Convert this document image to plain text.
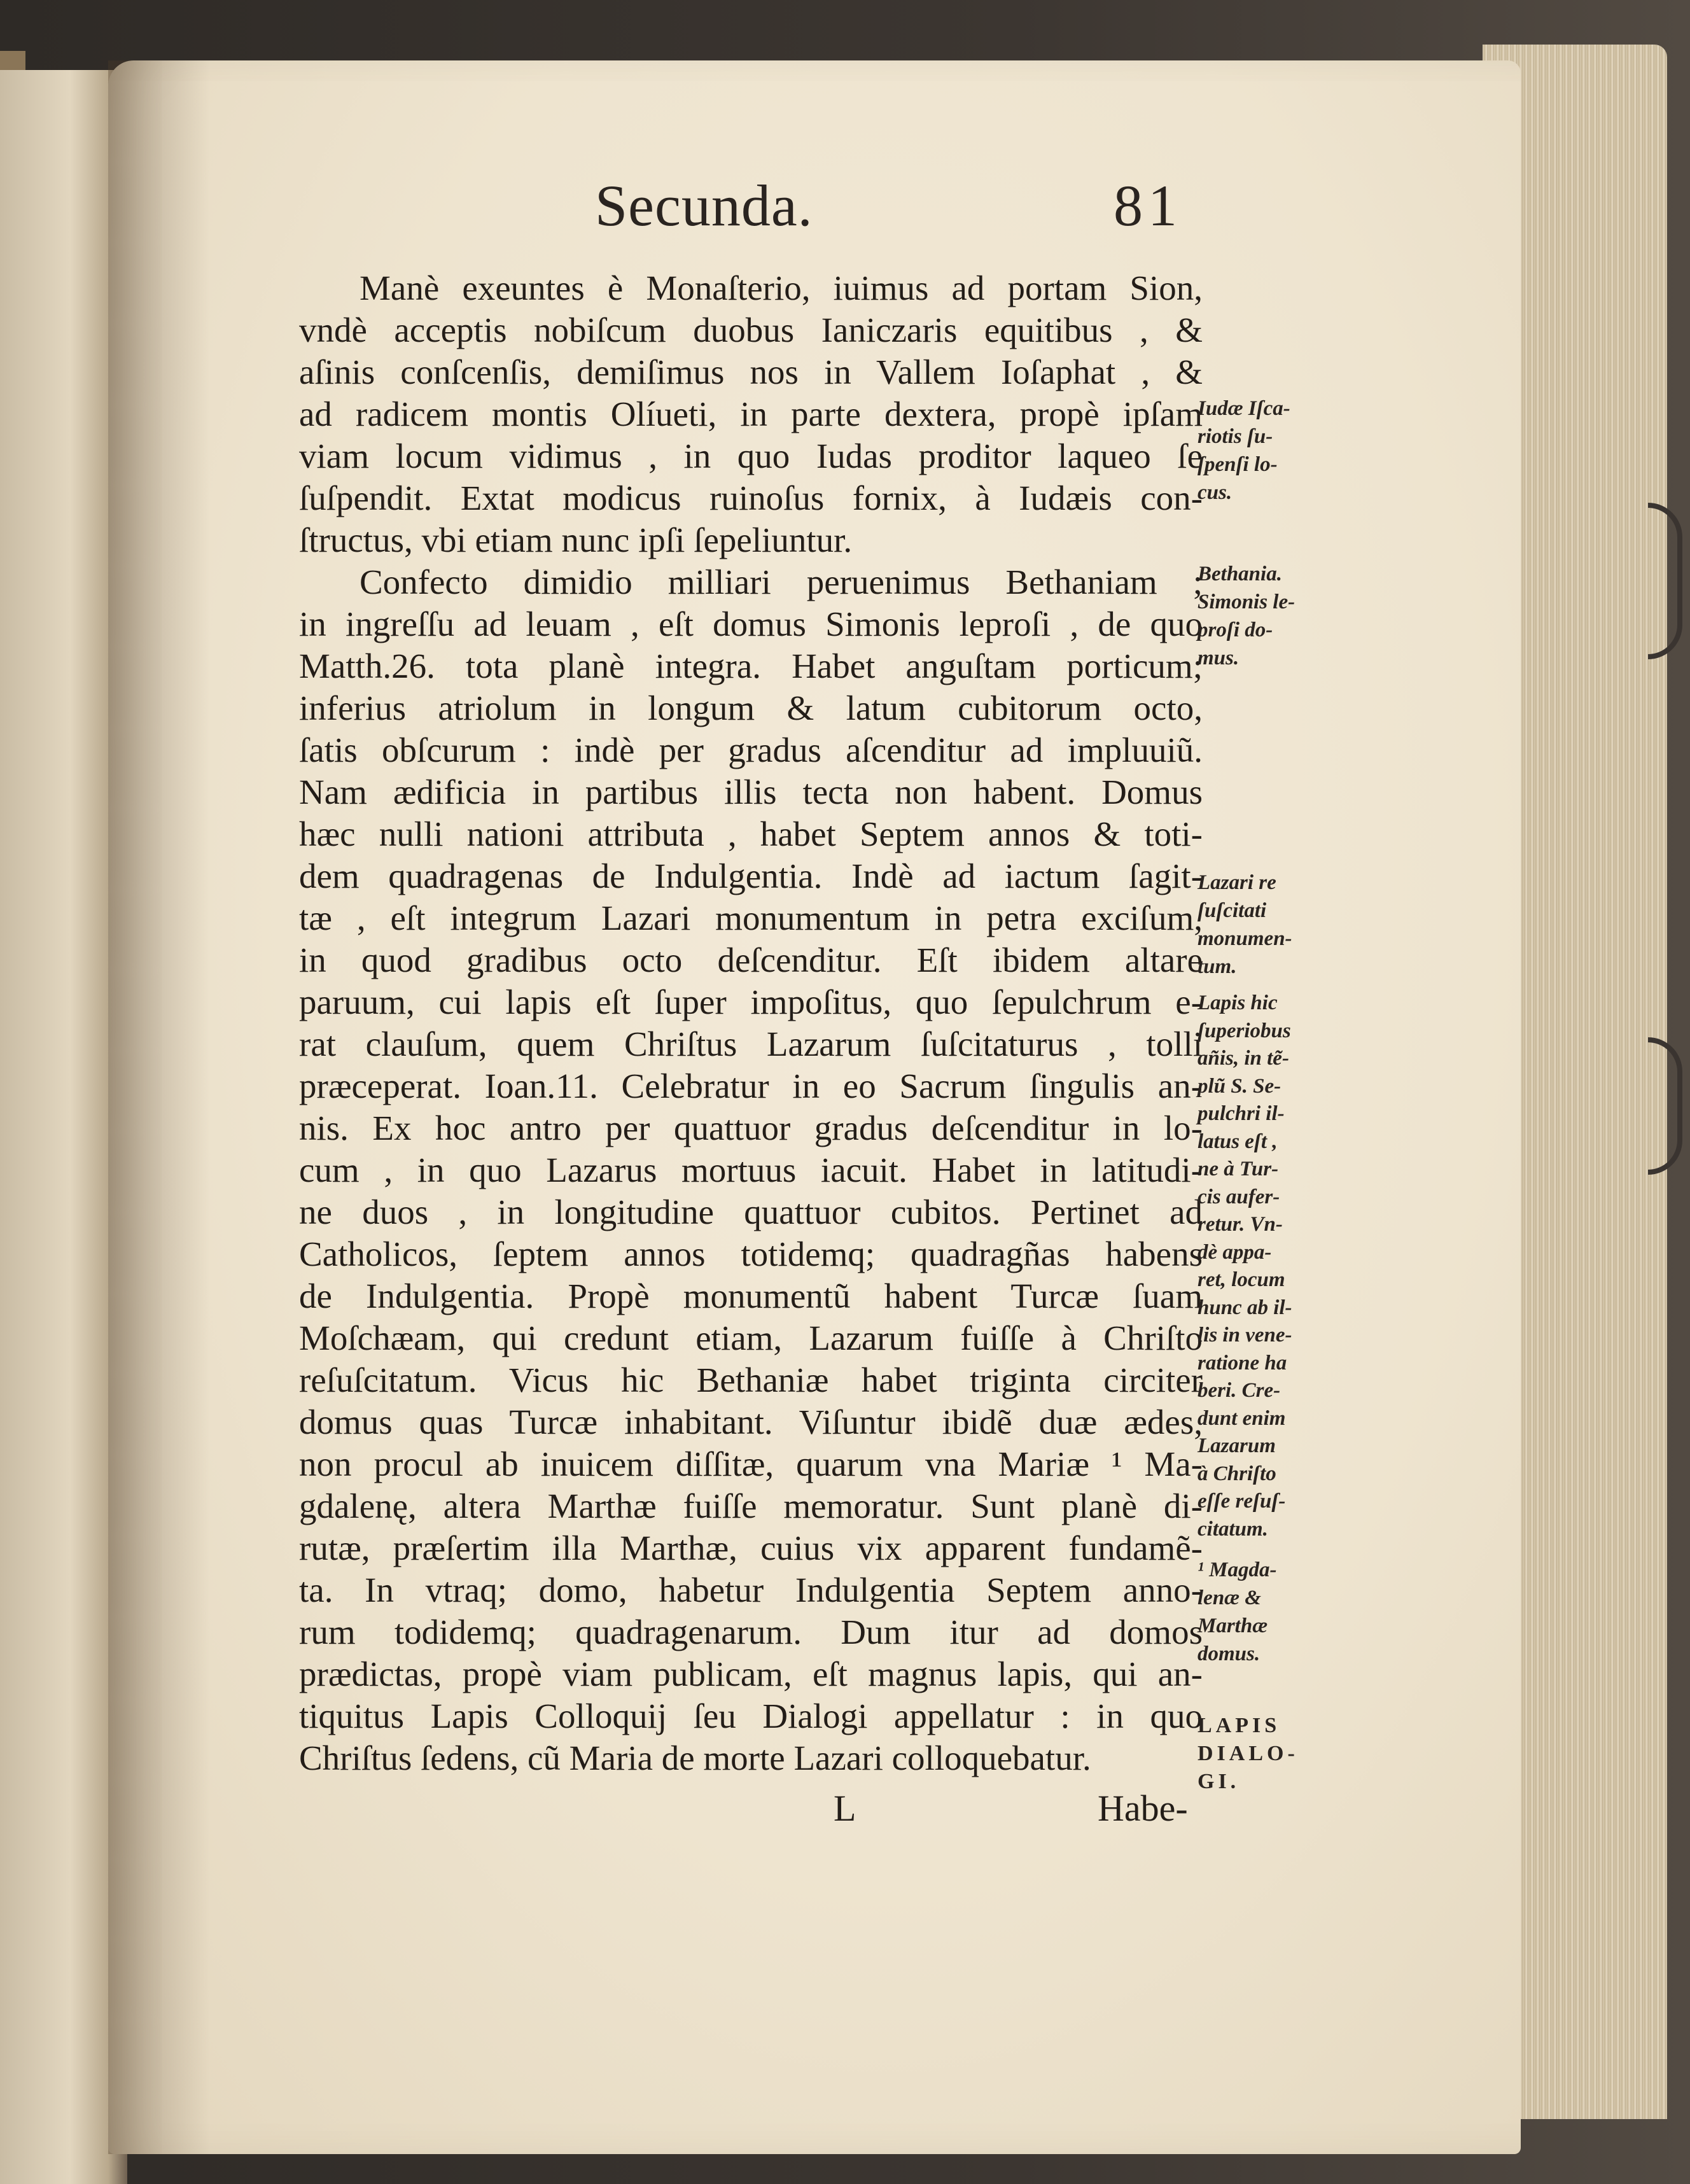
Secunda.	81
Manè exeuntes è Monaſterio, iuimus ad portam Sion,
vndè acceptis nobiſcum duobus Ianiczaris equitibus , &
aſinis conſcenſis, demiſimus nos in Vallem Ioſaphat , &
ad radicem montis Olíueti, in parte dextera, propè ipſam
viam locum vidimus , in quo Iudas proditor laqueo ſe
ſuſpendit. Extat modicus ruinoſus fornix, à Iudæis con-
ſtructus, vbi etiam nunc ipſi ſepeliuntur.
Confecto dimidio milliari peruenimus Bethaniam ;
in ingreſſu ad leuam , eſt domus Simonis leproſi , de quo
Matth.26. tota planè integra. Habet anguſtam porticum;
inferius atriolum in longum & latum cubitorum octo,
ſatis obſcurum : indè per gradus aſcenditur ad impluuiũ.
Nam ædificia in partibus illis tecta non habent. Domus
hæc nulli nationi attributa , habet Septem annos & toti-
dem quadragenas de Indulgentia. Indè ad iactum ſagit-
tæ , eſt integrum Lazari monumentum in petra exciſum,
in quod gradibus octo deſcenditur. Eſt ibidem altare
paruum, cui lapis eſt ſuper impoſitus, quo ſepulchrum e-
rat clauſum, quem Chriſtus Lazarum ſuſcitaturus , tolli
præceperat. Ioan.11. Celebratur in eo Sacrum ſingulis an-
nis. Ex hoc antro per quattuor gradus deſcenditur in lo-
cum , in quo Lazarus mortuus iacuit. Habet in latitudi-
ne duos , in longitudine quattuor cubitos. Pertinet ad
Catholicos, ſeptem annos totidemq; quadragñas habens
de Indulgentia. Propè monumentũ habent Turcæ ſuam
Moſchæam, qui credunt etiam, Lazarum fuiſſe à Chriſto
reſuſcitatum. Vicus hic Bethaniæ habet triginta circiter
domus quas Turcæ inhabitant. Viſuntur ibidẽ duæ ædes,
non procul ab inuicem diſſitæ, quarum vna Mariæ ¹ Ma-
gdalenę, altera Marthæ fuiſſe memoratur. Sunt planè di-
rutæ, præſertim illa Marthæ, cuius vix apparent fundamẽ-
ta. In vtraq; domo, habetur Indulgentia Septem anno-
rum todidemq; quadragenarum. Dum itur ad domos
prædictas, propè viam publicam, eſt magnus lapis, qui an-
tiquitus Lapis Colloquij ſeu Dialogi appellatur : in quo
Chriſtus ſedens, cũ Maria de morte Lazari colloquebatur.
Iudæ Iſca-
riotis ſu-
ſpenſi lo-
cus.
Bethania.
Simonis le-
proſi do-
mus.
Lazari re
ſuſcitati
monumen-
tum.
Lapis hic
ſuperiobus
añis, in tẽ-
plũ S. Se-
pulchri il-
latus eſt ,
ne à Tur-
cis aufer-
retur. Vn-
dè appa-
ret, locum
hunc ab il-
lis in vene-
ratione ha
beri. Cre-
dunt enim
Lazarum
à Chriſto
eſſe reſuſ-
citatum.
¹ Magda-
lenæ &
Marthæ
domus.
LAPIS
DIALO-
GI.
L	Habe-
